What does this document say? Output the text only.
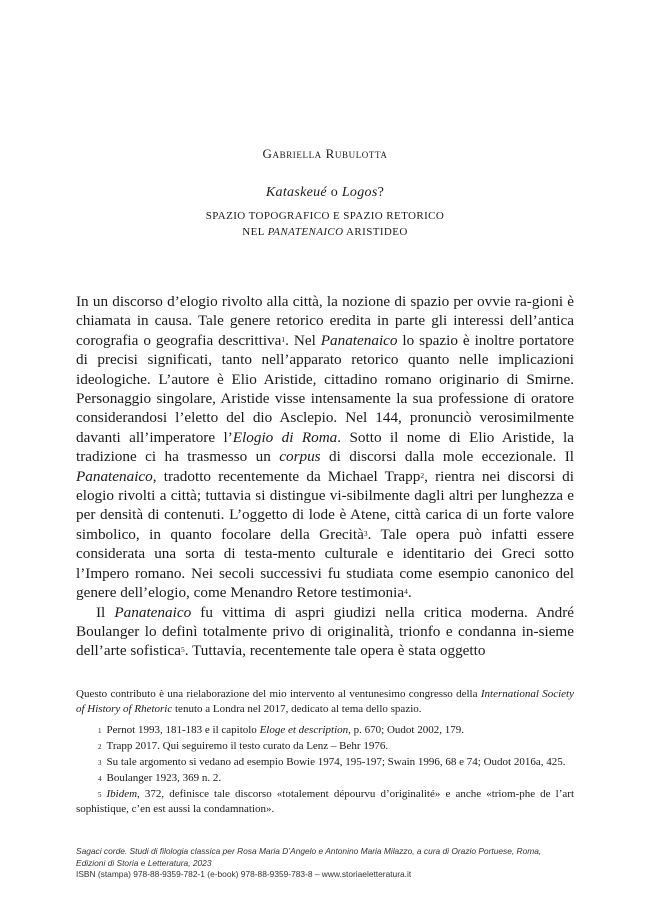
Gabriella Rubulotta
Kataskeué o Logos?
SPAZIO TOPOGRAFICO E SPAZIO RETORICO
NEL PANATENAICO ARISTIDEO

In un discorso d’elogio rivolto alla città, la nozione di spazio per ovvie ra-gioni è chiamata in causa. Tale genere retorico eredita in parte gli interessi dell’antica corografia o geografia descrittiva$^1$. Nel Panatenaico lo spazio è inoltre portatore di precisi significati, tanto nell’apparato retorico quanto nelle implicazioni ideologiche. L’autore è Elio Aristide, cittadino romano originario di Smirne. Personaggio singolare, Aristide visse intensamente la sua professione di oratore considerandosi l’eletto del dio Asclepio. Nel 144, pronunciò verosimilmente davanti all’imperatore l’Elogio di Roma. Sotto il nome di Elio Aristide, la tradizione ci ha trasmesso un corpus di discorsi dalla mole eccezionale. Il Panatenaico, tradotto recentemente da Michael Trapp$^2$, rientra nei discorsi di elogio rivolti a città; tuttavia si distingue vi-sibilmente dagli altri per lunghezza e per densità di contenuti. L’oggetto di lode è Atene, città carica di un forte valore simbolico, in quanto focolare della Grecità$^3$. Tale opera può infatti essere considerata una sorta di testa-mento culturale e identitario dei Greci sotto l’Impero romano. Nei secoli successivi fu studiata come esempio canonico del genere dell’elogio, come Menandro Retore testimonia$^4$.

Il Panatenaico fu vittima di aspri giudizi nella critica moderna. André Boulanger lo definì totalmente privo di originalità, trionfo e condanna in-sieme dell’arte sofistica$^5$. Tuttavia, recentemente tale opera è stata oggetto

Questo contributo è una rielaborazione del mio intervento al ventunesimo congresso della International Society of History of Rhetoric tenuto a Londra nel 2017, dedicato al tema dello spazio.

$^1$ Pernot 1993, 181-183 e il capitolo Eloge et description, p. 670; Oudot 2002, 179.

$^2$ Trapp 2017. Qui seguiremo il testo curato da Lenz – Behr 1976.

$^3$ Su tale argomento si vedano ad esempio Bowie 1974, 195-197; Swain 1996, 68 e 74; Oudot 2016a, 425.

$^4$ Boulanger 1923, 369 n. 2.

$^5$ Ibidem, 372, definisce tale discorso «totalement dépourvu d’originalité» e anche «triom-phe de l’art sophistique, c’en est aussi la condamnation».

Sagaci corde. Studi di filologia classica per Rosa Maria D’Angelo e Antonino Maria Milazzo, a cura di Orazio Portuese, Roma,
Edizioni di Storia e Letteratura, 2023
ISBN (stampa) 978-88-9359-782-1 (e-book) 978-88-9359-783-8 – www.storiaeletteratura.it
